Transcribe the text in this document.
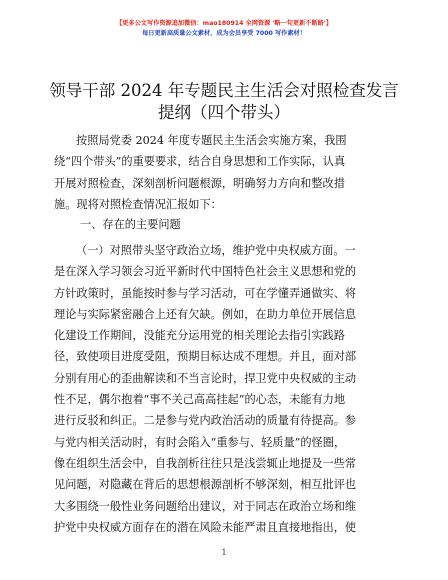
【更多公文写作资源追加微信：mao180914 全网资源 '略一句更新不断路'】
每日更新高质量公文素材，成为会员享受 7000 写作素材！
领导干部 2024 年专题民主生活会对照检查发言
提纲（四个带头）
按照局党委 2024 年度专题民主生活会实施方案，我围
绕“四个带头”的重要要求，结合自身思想和工作实际，认真
开展对照检查，深刻剖析问题根源，明确努力方向和整改措
施。现将对照检查情况汇报如下：
一、存在的主要问题
（一）对照带头坚守政治立场，维护党中央权威方面。一
是在深入学习领会习近平新时代中国特色社会主义思想和党的
方针政策时，虽能按时参与学习活动，可在学懂弄通做实、将
理论与实际紧密融合上还有欠缺。例如，在助力单位开展信息
化建设工作期间，没能充分运用党的相关理论去指引实践路
径，致使项目进度受阻，预期目标达成不理想。并且，面对部
分别有用心的歪曲解读和不当言论时，捍卫党中央权威的主动
性不足，偶尔抱着“事不关己高高挂起”的心态，未能有力地
进行反驳和纠正。二是参与党内政治活动的质量有待提高。参
与党内相关活动时，有时会陷入“重参与、轻质量”的怪圈，
像在组织生活会中，自我剖析往往只是浅尝辄止地提及一些常
见问题，对隐藏在背后的思想根源剖析不够深刻，相互批评也
大多围绕一般性业务问题给出建议，对于同志在政治立场和维
护党中央权威方面存在的潜在风险未能严肃且直接地指出，使
1
